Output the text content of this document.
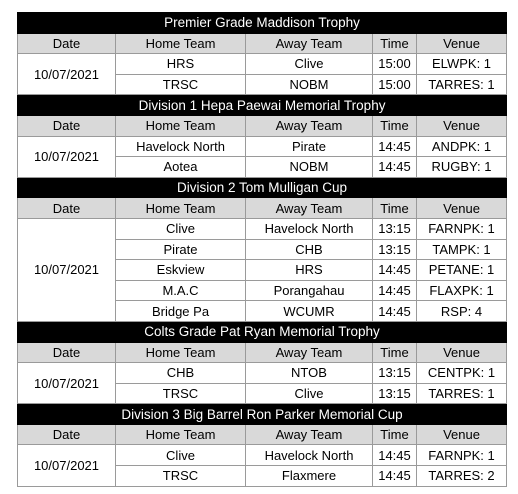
Premier Grade Maddison Trophy				
Date	Home Team	Away Team	Time	Venue
10/07/2021	HRS	Clive	15:00	ELWPK: 1
	TRSC	NOBM	15:00	TARRES: 1
Division 1 Hepa Paewai Memorial Trophy				
Date	Home Team	Away Team	Time	Venue
10/07/2021	Havelock North	Pirate	14:45	ANDPK: 1
	Aotea	NOBM	14:45	RUGBY: 1
Division 2 Tom Mulligan Cup				
Date	Home Team	Away Team	Time	Venue
10/07/2021	Clive	Havelock North	13:15	FARNPK: 1
	Pirate	CHB	13:15	TAMPK: 1
	Eskview	HRS	14:45	PETANE: 1
	M.A.C	Porangahau	14:45	FLAXPK: 1
	Bridge Pa	WCUMR	14:45	RSP: 4
Colts Grade Pat Ryan Memorial Trophy				
Date	Home Team	Away Team	Time	Venue
10/07/2021	CHB	NTOB	13:15	CENTPK: 1
	TRSC	Clive	13:15	TARRES: 1
Division 3 Big Barrel Ron Parker Memorial Cup				
Date	Home Team	Away Team	Time	Venue
10/07/2021	Clive	Havelock North	14:45	FARNPK: 1
	TRSC	Flaxmere	14:45	TARRES: 2
